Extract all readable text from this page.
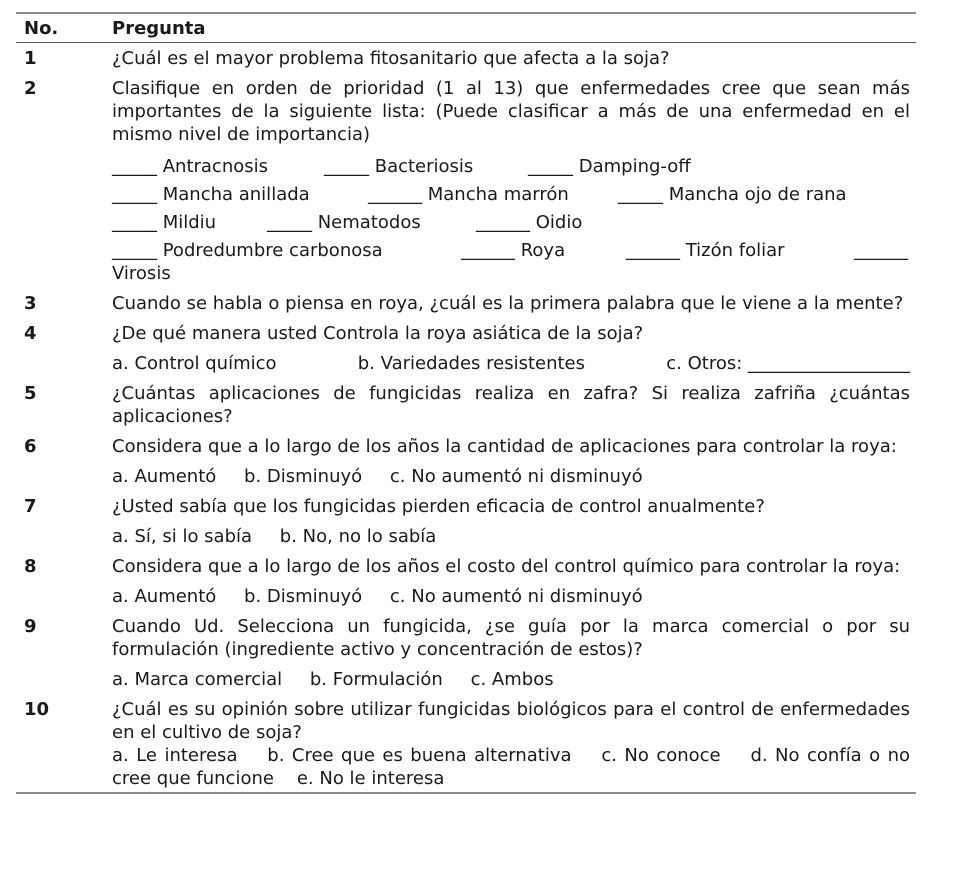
No.	Pregunta
1	¿Cuál es el mayor problema fitosanitario que afecta a la soja?

2	Clasifique en orden de prioridad (1 al 13) que enfermedades cree que sean más importantes de la siguiente lista: (Puede clasificar a más de una enfermedad en el mismo nivel de importancia)

_____ Antracnosis	_____ Bacteriosis	_____ Damping-off
_____ Mancha anillada	______ Mancha marrón	_____ Mancha ojo de rana
_____ Mildiu	_____ Nematodos	______ Oidio
_____ Podredumbre carbonosa	______ Roya	______ Tizón foliar	______

Virosis

3	Cuando se habla o piensa en roya, ¿cuál es la primera palabra que le viene a la mente?

4	¿De qué manera usted Controla la roya asiática de la soja?

a. Control químico	b. Variedades resistentes	c. Otros: __________________
5	¿Cuántas aplicaciones de fungicidas realiza en zafra? Si realiza zafriña ¿cuántas aplicaciones?

6	Considera que a lo largo de los años la cantidad de aplicaciones para controlar la roya:

a. Aumentó b. Disminuyó c. No aumentó ni disminuyó
7	¿Usted sabía que los fungicidas pierden eficacia de control anualmente?

a. Sí, si lo sabía b. No, no lo sabía
8	Considera que a lo largo de los años el costo del control químico para controlar la roya:

a. Aumentó b. Disminuyó c. No aumentó ni disminuyó
9	Cuando Ud. Selecciona un fungicida, ¿se guía por la marca comercial o por su formulación (ingrediente activo y concentración de estos)?

a. Marca comercial b. Formulación c. Ambos
10	¿Cuál es su opinión sobre utilizar fungicidas biológicos para el control de enfermedades en el cultivo de soja?

a. Le interesa    b. Cree que es buena alternativa    c. No conoce    d. No confía o no cree que funcione    e. No le interesa
